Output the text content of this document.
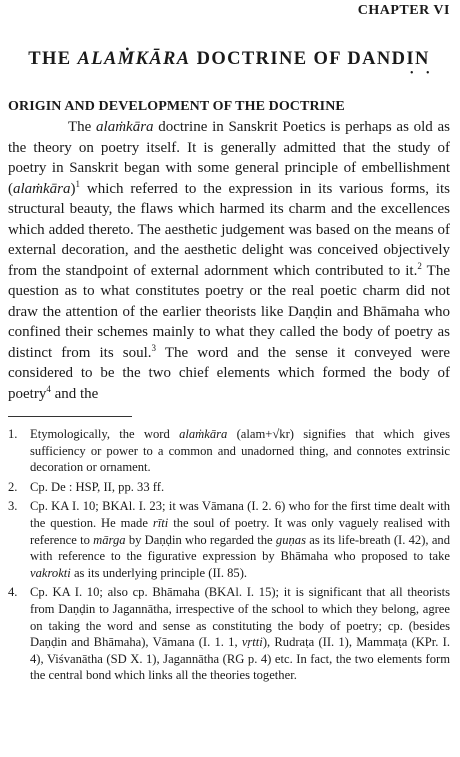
CHAPTER VI

THE ALAṀKĀRA DOCTRINE OF DANDIN
• •
ORIGIN AND DEVELOPMENT OF THE DOCTRINE

The alaṁkāra doctrine in Sanskrit Poetics is perhaps as old as the theory on poetry itself. It is generally admitted that the study of poetry in Sanskrit began with some general principle of embellishment (alaṁkāra)$^1$ which referred to the expression in its various forms, its structural beauty, the flaws which harmed its charm and the excellences which added thereto. The aesthetic judgement was based on the means of external decoration, and the aesthetic delight was conceived objectively from the standpoint of external adornment which contributed to it.$^2$ The question as to what constitutes poetry or the real poetic charm did not draw the attention of the earlier theorists like Daṇḍin and Bhāmaha who confined their schemes mainly to what they called the body of poetry as distinct from its soul.$^3$ The word and the sense it conveyed were considered to be the two chief elements which formed the body of poetry$^4$ and the

1. Etymologically, the word alaṁkāra (alam+√kr) signifies that which gives sufficiency or power to a common and unadorned thing, and connotes extrinsic decoration or ornament.
2. Cp. De : HSP, II, pp. 33 ff.
3. Cp. KA I. 10; BKAl. I. 23; it was Vāmana (I. 2. 6) who for the first time dealt with the question. He made rīti the soul of poetry. It was only vaguely realised with reference to mārga by Daṇḍin who regarded the guṇas as its life-breath (I. 42), and with reference to the figurative expression by Bhāmaha who proposed to take vakrokti as its underlying principle (II. 85).
4. Cp. KA I. 10; also cp. Bhāmaha (BKAl. I. 15); it is significant that all theorists from Daṇḍin to Jagannātha, irrespective of the school to which they belong, agree on taking the word and sense as constituting the body of poetry; cp. (besides Daṇḍin and Bhāmaha), Vāmana (I. 1. 1, vṛtti), Rudraṭa (II. 1), Mammaṭa (KPr. I. 4), Viśvanātha (SD X. 1), Jagannātha (RG p. 4) etc. In fact, the two elements form the central bond which links all the theories together.
